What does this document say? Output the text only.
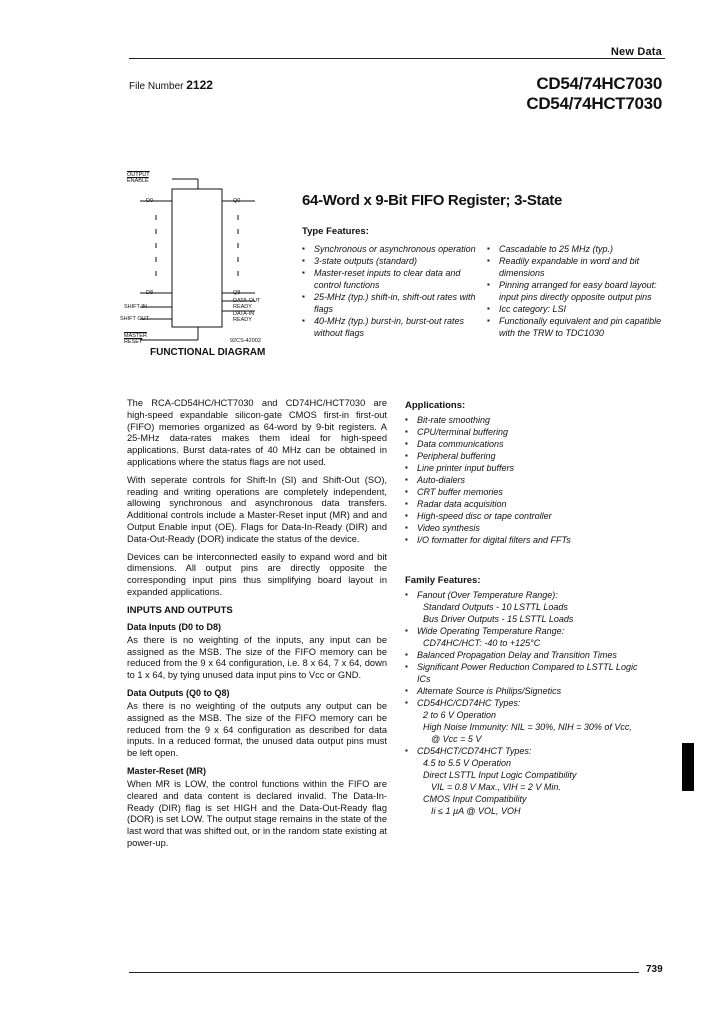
New Data
File Number 2122	CD54/74HC7030
CD54/74HCT7030
OUTPUT ENABLE
D0	Q0
D8	Q8
SHIFT IN
SHIFT OUT
MASTER RESET
DATA-OUT READY
DATA-IN READY
92CS-42002
FUNCTIONAL DIAGRAM
64-Word x 9-Bit FIFO Register; 3-State
Type Features:
▪ Synchronous or asynchronous operation
▪ 3-state outputs (standard)
▪ Master-reset inputs to clear data and control functions
▪ 25-MHz (typ.) shift-in, shift-out rates with flags
▪ 40-MHz (typ.) burst-in, burst-out rates without flags
▪ Cascadable to 25 MHz (typ.)
▪ Readily expandable in word and bit dimensions
▪ Pinning arranged for easy board layout: input pins directly opposite output pins
▪ Icc category: LSI
▪ Functionally equivalent and pin capatible with the TRW to TDC1030

The RCA-CD54HC/HCT7030 and CD74HC/HCT7030 are high-speed expandable silicon-gate CMOS first-in first-out (FIFO) memories organized as 64-word by 9-bit registers. A 25-MHz data-rates makes them ideal for high-speed applications. Burst data-rates of 40 MHz can be obtained in applications where the status flags are not used.

With seperate controls for Shift-In (SI) and Shift-Out (SO), reading and writing operations are completely independent, allowing synchronous and asynchronous data transfers. Additional controls include a Master-Reset input (MR) and and Output Enable input (OE). Flags for Data-In-Ready (DIR) and Data-Out-Ready (DOR) indicate the status of the device.

Devices can be interconnected easily to expand word and bit dimensions. All output pins are directly opposite the corresponding input pins thus simplifying board layout in expanded applications.

INPUTS AND OUTPUTS
Data Inputs (D0 to D8)

As there is no weighting of the inputs, any input can be assigned as the MSB. The size of the FIFO memory can be reduced from the 9 x 64 configuration, i.e. 8 x 64, 7 x 64, down to 1 x 64, by tying unused data input pins to Vcc or GND.

Data Outputs (Q0 to Q8)

As there is no weighting of the outputs any output can be assigned as the MSB. The size of the FIFO memory can be reduced from the 9 x 64 configuration as described for data inputs. In a reduced format, the unused data output pins must be left open.

Master-Reset (MR)

When MR is LOW, the control functions within the FIFO are cleared and data content is declared invalid. The Data-In-Ready (DIR) flag is set HIGH and the Data-Out-Ready flag (DOR) is set LOW. The output stage remains in the state of the last word that was shifted out, or in the random state existing at power-up.

Applications:
▪ Bit-rate smoothing
▪ CPU/terminal buffering
▪ Data communications
▪ Peripheral buffering
▪ Line printer input buffers
▪ Auto-dialers
▪ CRT buffer memories
▪ Radar data acquisition
▪ High-speed disc or tape controller
▪ Video synthesis
▪ I/O formatter for digital filters and FFTs
Family Features:
▪ Fanout (Over Temperature Range):
Standard Outputs - 10 LSTTL Loads
Bus Driver Outputs - 15 LSTTL Loads
▪ Wide Operating Temperature Range:
CD74HC/HCT: -40 to +125°C
▪ Balanced Propagation Delay and Transition Times
▪ Significant Power Reduction Compared to LSTTL Logic ICs
▪ Alternate Source is Philips/Signetics
▪ CD54HC/CD74HC Types:
2 to 6 V Operation
High Noise Immunity: NIL = 30%, NIH = 30% of Vcc,
@ Vcc = 5 V
▪ CD54HCT/CD74HCT Types:
4.5 to 5.5 V Operation
Direct LSTTL Input Logic Compatibility
VIL = 0.8 V Max., VIH = 2 V Min.
CMOS Input Compatibility
Ii ≤ 1 µA @ VOL, VOH
739
